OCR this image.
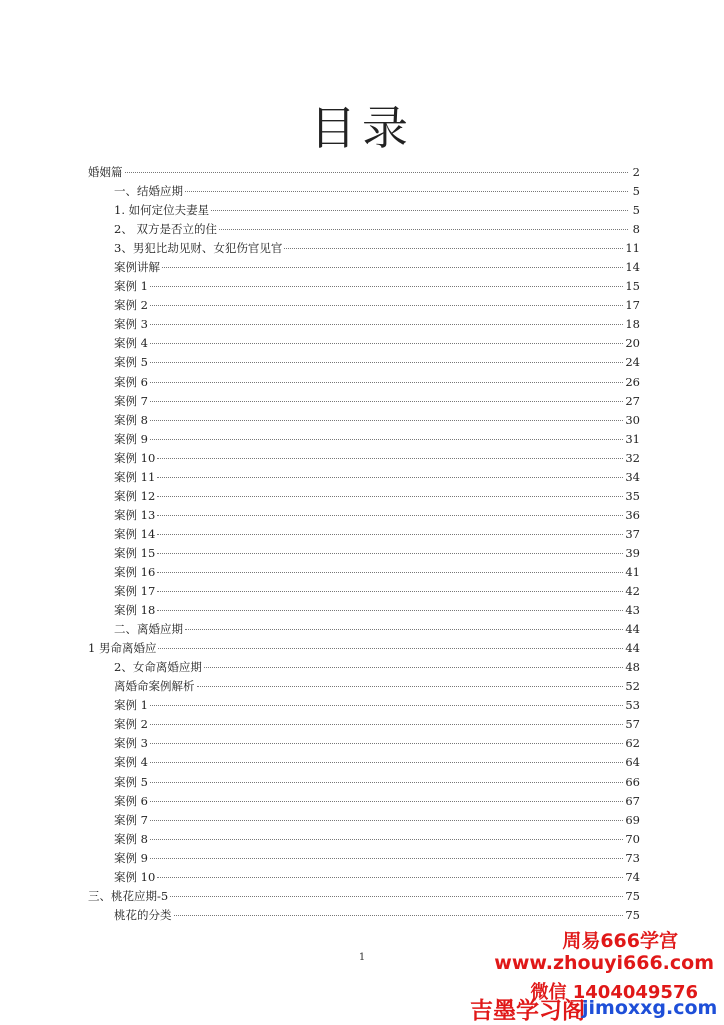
目录
婚姻篇	2
一、结婚应期	5
1. 如何定位夫妻星	5
2、 双方是否立的住	8
3、男犯比劫见财、女犯伤官见官	11
案例讲解	14
案例 1	15
案例 2	17
案例 3	18
案例 4	20
案例 5	24
案例 6	26
案例 7	27
案例 8	30
案例 9	31
案例 10	32
案例 11	34
案例 12	35
案例 13	36
案例 14	37
案例 15	39
案例 16	41
案例 17	42
案例 18	43
二、离婚应期	44
1 男命离婚应	44
2、女命离婚应期	48
离婚命案例解析	52
案例 1	53
案例 2	57
案例 3	62
案例 4	64
案例 5	66
案例 6	67
案例 7	69
案例 8	70
案例 9	73
案例 10	74
三、桃花应期-5	75
桃花的分类	75
1
周易666学宫
www.zhouyi666.com
微信 1404049576
吉墨学习阁
jimoxxg.com
